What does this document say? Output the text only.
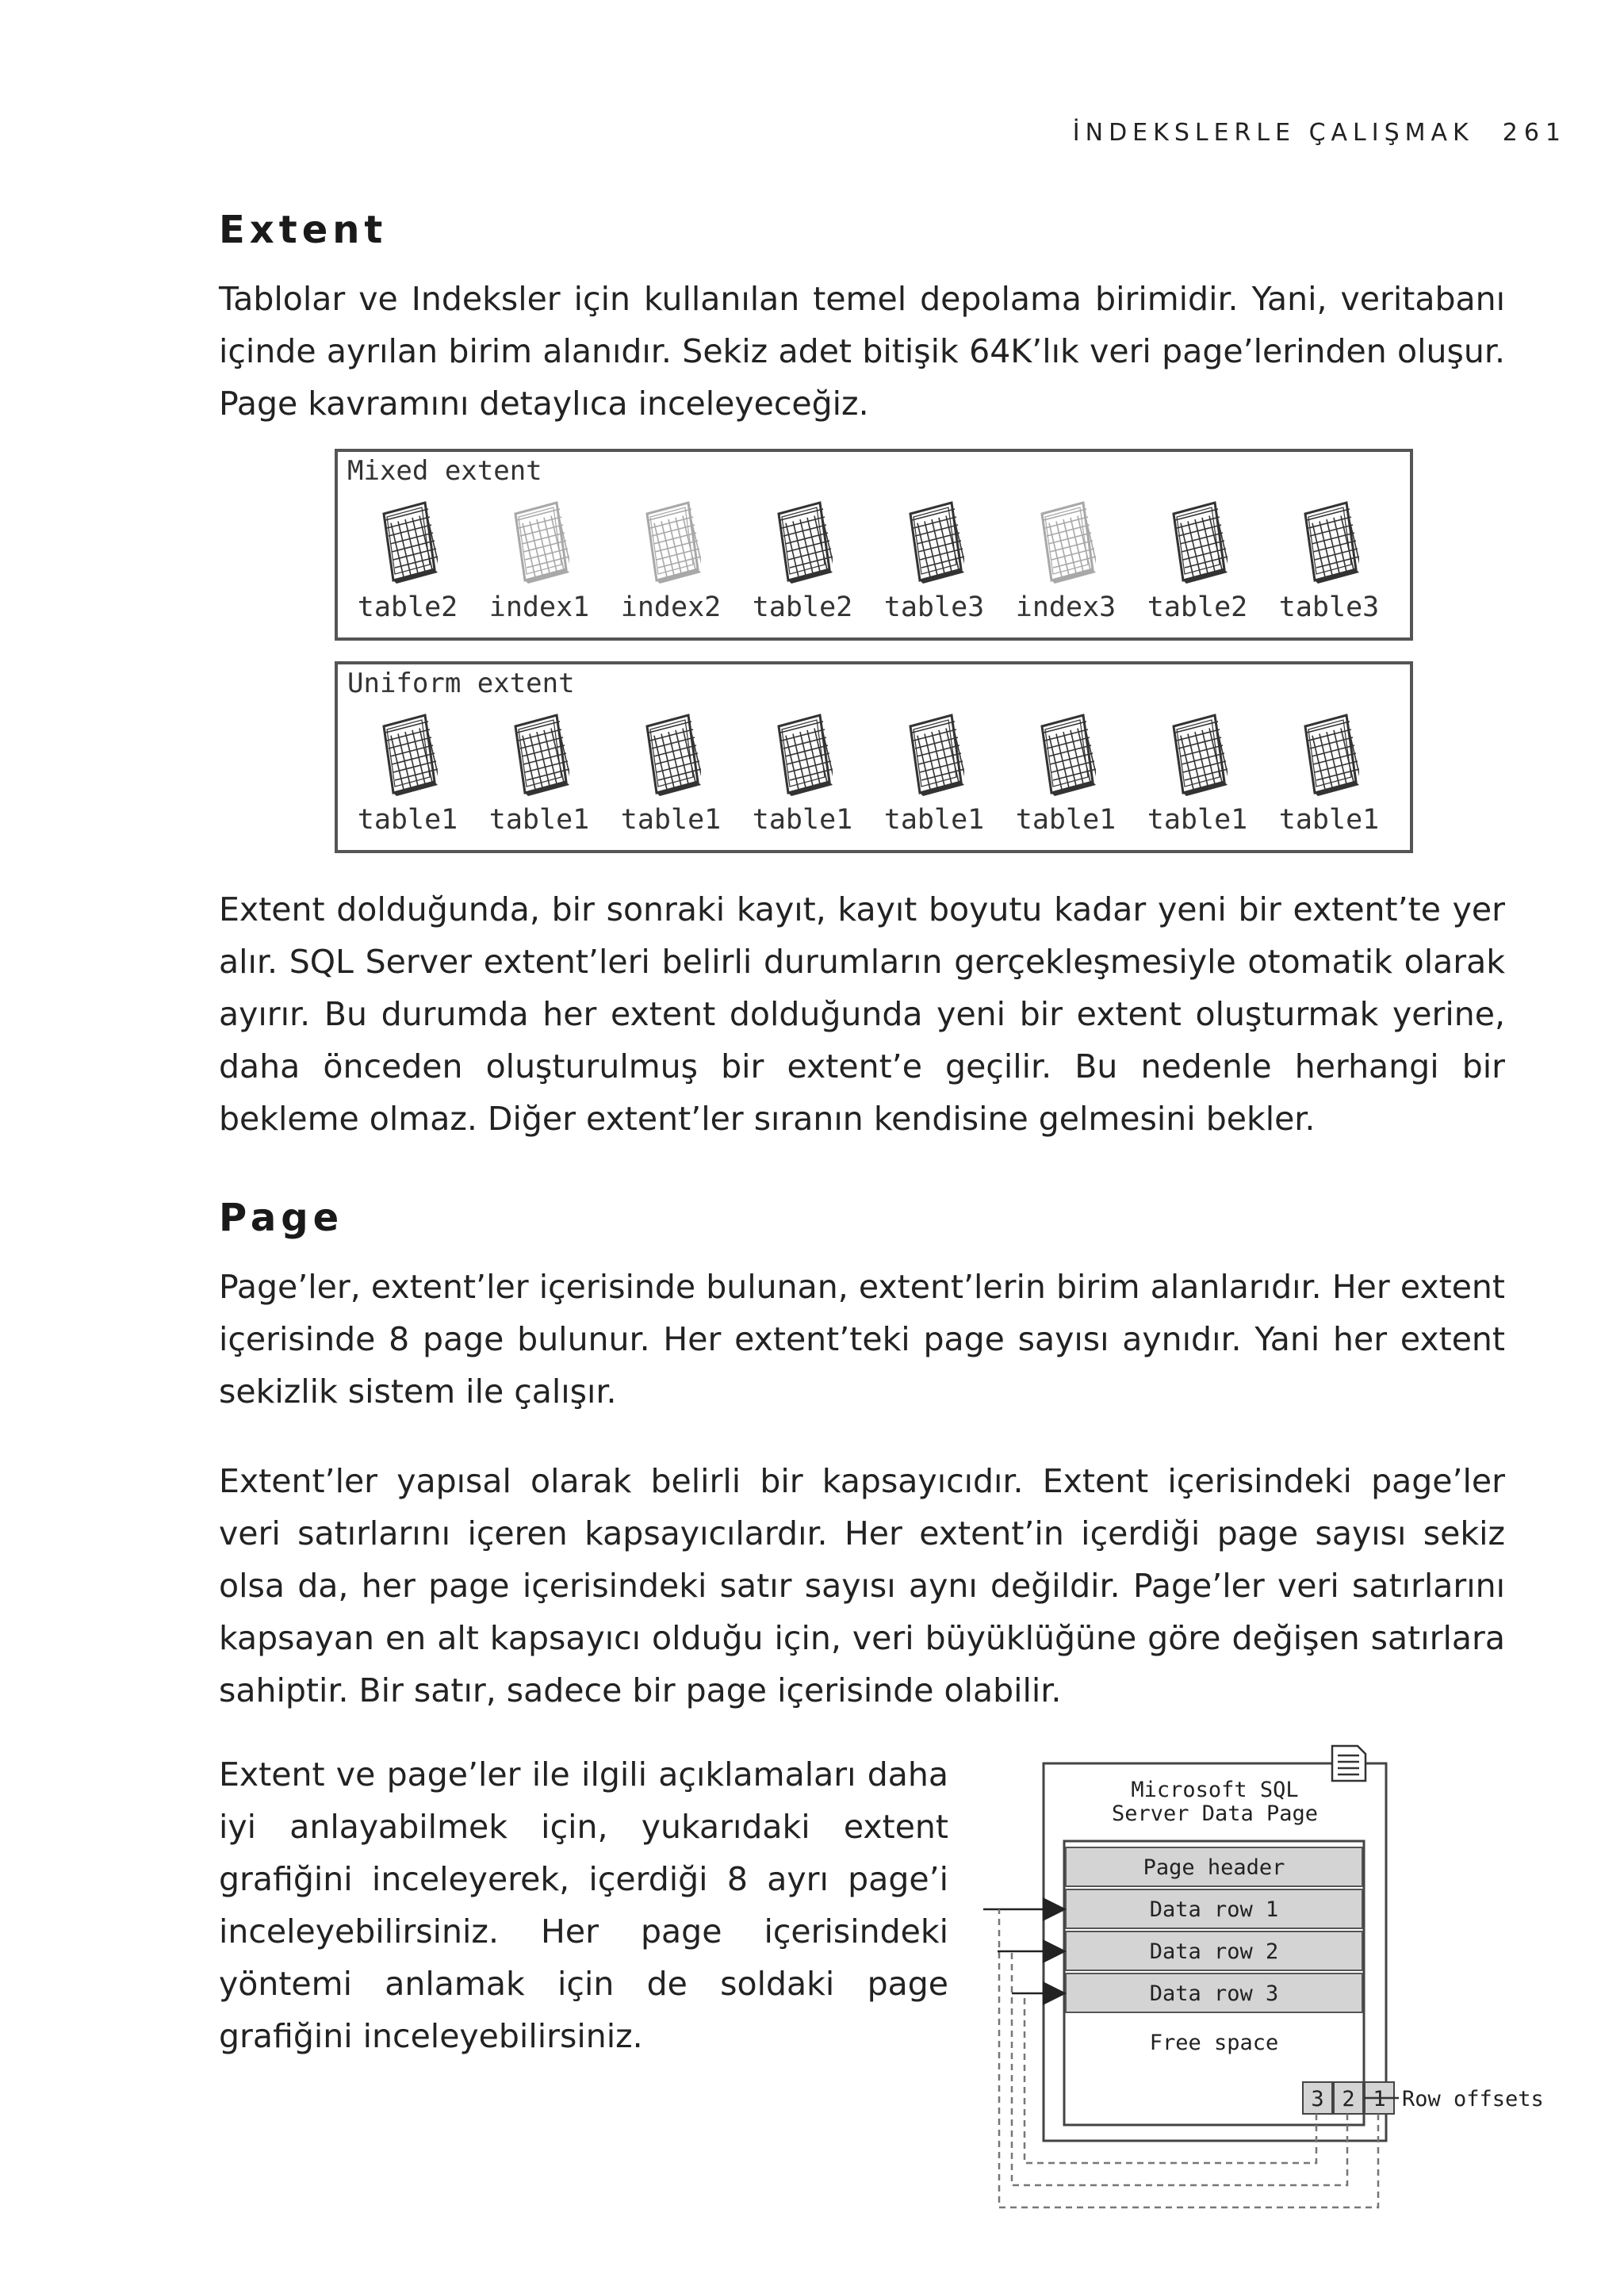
İNDEKSLERLE ÇALIŞMAK 261
Extent

Tablolar ve Indeksler için kullanılan temel depolama birimidir. Yani, veritabanı içinde ayrılan birim alanıdır. Sekiz adet bitişik 64K’lık veri page’lerinden oluşur. Page kavramını detaylıca inceleyeceğiz.

Mixed extent
table2	index1	index2	table2	table3	index3	table2	table3
Uniform extent
table1	table1	table1	table1	table1	table1	table1	table1

Extent dolduğunda, bir sonraki kayıt, kayıt boyutu kadar yeni bir extent’te yer alır. SQL Server extent’leri belirli durumların gerçekleşmesiyle otomatik olarak ayırır. Bu durumda her extent dolduğunda yeni bir extent oluşturmak yerine, daha önceden oluşturulmuş bir extent’e geçilir. Bu nedenle herhangi bir bekleme olmaz. Diğer extent’ler sıranın kendisine gelmesini bekler.

Page

Page’ler, extent’ler içerisinde bulunan, extent’lerin birim alanlarıdır. Her extent içerisinde 8 page bulunur. Her extent’teki page sayısı aynıdır. Yani her extent sekizlik sistem ile çalışır.

Extent’ler yapısal olarak belirli bir kapsayıcıdır. Extent içerisindeki page’ler veri satırlarını içeren kapsayıcılardır. Her extent’in içerdiği page sayısı sekiz olsa da, her page içerisindeki satır sayısı aynı değildir. Page’ler veri satırlarını kapsayan en alt kapsayıcı olduğu için, veri büyüklüğüne göre değişen satırlara sahiptir. Bir satır, sadece bir page içerisinde olabilir.

Extent ve page’ler ile ilgili açıklamaları daha iyi anlayabilmek için, yukarıdaki extent grafiğini inceleyerek, içerdiği 8 ayrı page’i inceleyebilirsiniz. Her page içerisindeki yöntemi anlamak için de soldaki page grafiğini inceleyebilirsiniz.

Microsoft SQL
Server Data Page
Page header
Data row 1
Data row 2
Data row 3
Free space
3 2 1 Row offsets
